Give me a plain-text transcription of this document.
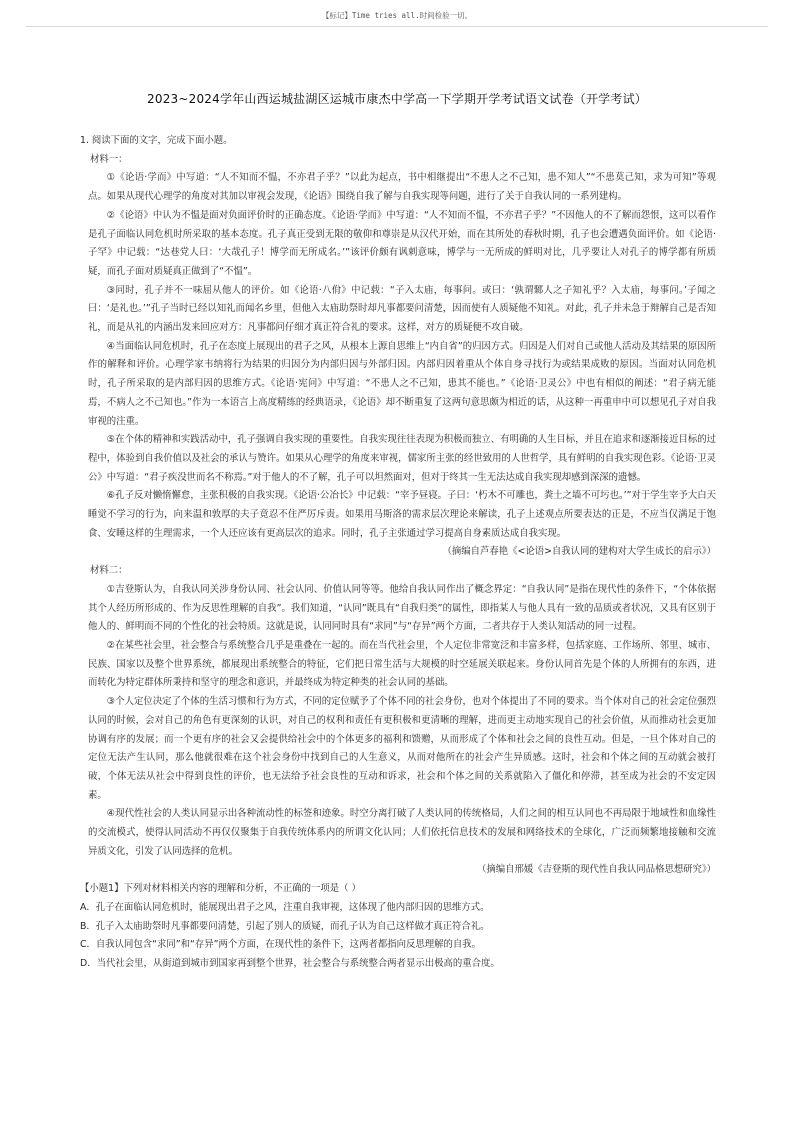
【标记】Time tries all.时间检验一切。
2023~2024学年山西运城盐湖区运城市康杰中学高一下学期开学考试语文试卷（开学考试）

1. 阅读下面的文字，完成下面小题。

材料一：

①《论语·学而》中写道：“人不知而不愠，不亦君子乎？”以此为起点，书中相继提出“不患人之不己知，患不知人”“不患莫己知，求为可知”等观点。如果从现代心理学的角度对其加以审视会发现，《论语》围绕自我了解与自我实现等问题，进行了关于自我认同的一系列建构。

②《论语》中认为不愠是面对负面评价时的正确态度。《论语·学而》中写道：“人不知而不愠，不亦君子乎？”不因他人的不了解而怨恨，这可以看作是孔子面临认同危机时所采取的基本态度。孔子真正受到无限的敬仰和尊崇是从汉代开始，而在其所处的春秋时期，孔子也会遭遇负面评价。如《论语·子罕》中记载：“达巷党人曰：‘大哉孔子！博学而无所成名。’”该评价颇有讽刺意味，博学与一无所成的鲜明对比，几乎要让人对孔子的博学都有所质疑，而孔子面对质疑真正做到了“不愠”。

③同时，孔子并不一味屈从他人的评价。如《论语·八佾》中记载：“子入太庙，每事问。或曰：‘孰谓鄹人之子知礼乎？入太庙，每事问。’子闻之曰：‘是礼也。’”孔子当时已经以知礼而闻名乡里，但他入太庙助祭时却凡事都要问清楚，因而使有人质疑他不知礼。对此，孔子并未急于辩解自己是否知礼，而是从礼的内涵出发来回应对方：凡事都问仔细才真正符合礼的要求。这样，对方的质疑便不攻自破。

④当面临认同危机时，孔子在态度上展现出的君子之风，从根本上源自思维上“内自省”的归因方式。归因是人们对自己或他人活动及其结果的原因所作的解释和评价。心理学家韦纳将行为结果的归因分为内部归因与外部归因。内部归因着重从个体自身寻找行为或结果成败的原因。当面对认同危机时，孔子所采取的是内部归因的思维方式。《论语·宪问》中写道：“不患人之不己知，患其不能也。”《论语·卫灵公》中也有相似的阐述：“君子病无能焉，不病人之不己知也。”作为一本语言上高度精练的经典语录，《论语》却不断重复了这两句意思颇为相近的话，从这种一再重申中可以想见孔子对自我审视的注重。

⑤在个体的精神和实践活动中，孔子强调自我实现的重要性。自我实现往往表现为积极而独立、有明确的人生目标，并且在追求和逐渐接近目标的过程中，体验到自我价值以及社会的承认与赞许。如果从心理学的角度来审视，儒家所主张的经世致用的人世哲学，具有鲜明的自我实现色彩。《论语·卫灵公》中写道：“君子疾没世而名不称焉。”对于他人的不了解，孔子可以坦然面对，但对于终其一生无法达成自我实现却感到深深的遗憾。

⑥孔子反对懒惰懈怠，主张积极的自我实现。《论语·公冶长》中记载：“宰予昼寝。子曰：‘朽木不可雕也，粪土之墙不可圬也。’”对于学生宰予大白天睡觉不学习的行为，向来温和敦厚的夫子竟忍不住严厉斥责。如果用马斯洛的需求层次理论来解读，孔子上述观点所要表达的正是，不应当仅满足于饱食、安睡这样的生理需求，一个人还应该有更高层次的追求。同时，孔子主张通过学习提高自身素质达成自我实现。

（摘编自芦春艳《<论语>自我认同的建构对大学生成长的启示》）

材料二：

①吉登斯认为，自我认同关涉身份认同、社会认同、价值认同等等。他给自我认同作出了概念界定：“自我认同”是指在现代性的条件下，“个体依据其个人经历所形成的、作为反思性理解的自我”。我们知道，“认同”既具有“自我归类”的属性，即指某人与他人具有一致的品质或者状况，又具有区别于他人的、鲜明而不同的个性化的社会特质。这就是说，认同同时具有“求同”与“存异”两个方面，二者共存于人类认知活动的同一过程。

②在某些社会里，社会整合与系统整合几乎是重叠在一起的。而在当代社会里，个人定位非常宽泛和丰富多样，包括家庭、工作场所、邻里、城市、民族、国家以及整个世界系统，都展现出系统整合的特征，它们把日常生活与大规模的时空延展关联起来。身份认同首先是个体的人所拥有的东西，进而转化为特定群体所秉持和坚守的理念和意识，并最终成为特定种类的社会认同的基础。

③个人定位决定了个体的生活习惯和行为方式，不同的定位赋予了个体不同的社会身份，也对个体提出了不同的要求。当个体对自己的社会定位强烈认同的时候，会对自己的角色有更深刻的认识，对自己的权利和责任有更积极和更清晰的理解，进而更主动地实现自己的社会价值，从而推动社会更加协调有序的发展；而一个更有序的社会又会提供给社会中的个体更多的福利和馈赠，从而形成了个体和社会之间的良性互动。但是，一旦个体对自己的定位无法产生认同，那么他就很难在这个社会身份中找到自己的人生意义，从而对他所在的社会产生异质感。这时，社会和个体之间的互动就会被打破，个体无法从社会中得到良性的评价，也无法给予社会良性的互动和诉求，社会和个体之间的关系就陷入了僵化和停滞，甚至成为社会的不安定因素。

④现代性社会的人类认同显示出各种流动性的标签和迹象。时空分离打破了人类认同的传统格局，人们之间的相互认同也不再局限于地域性和血缘性的交流模式，使得认同活动不再仅仅聚集于自我传统体系内的所谓文化认同；人们依托信息技术的发展和网络技术的全球化，广泛而频繁地接触和交流异质文化，引发了认同选择的危机。

（摘编自邢媛《吉登斯的现代性自我认同品格思想研究》）

【小题1】下列对材料相关内容的理解和分析，不正确的一项是（ ）

A．孔子在面临认同危机时，能展现出君子之风，注重自我审视，这体现了他内部归因的思维方式。

B．孔子入太庙助祭时凡事都要问清楚，引起了别人的质疑，而孔子认为自己这样做才真正符合礼。

C．自我认同包含“求同”和“存异”两个方面，在现代性的条件下，这两者都指向反思理解的自我。

D．当代社会里，从街道到城市到国家再到整个世界，社会整合与系统整合两者显示出极高的重合度。
